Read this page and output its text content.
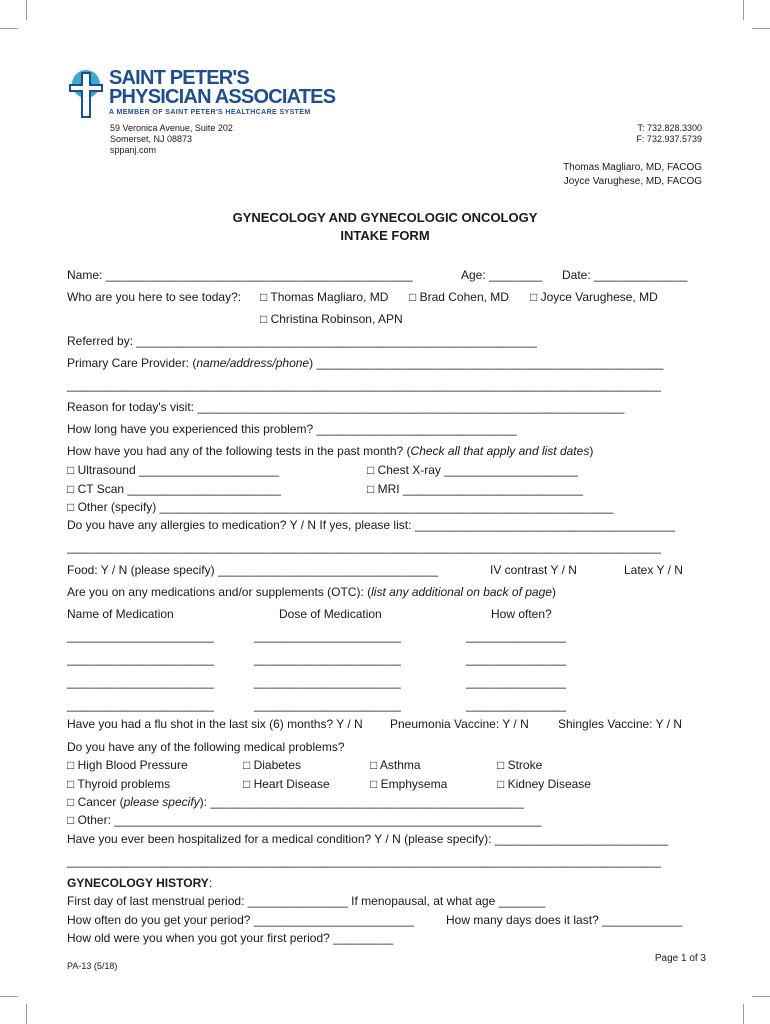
SAINT PETER'S
PHYSICIAN ASSOCIATES
A MEMBER OF SAINT PETER'S HEALTHCARE SYSTEM
59 Veronica Avenue, Suite 202
Somerset, NJ 08873
sppanj.com
T: 732.828.3300
F: 732.937.5739
Thomas Magliaro, MD, FACOG
Joyce Varughese, MD, FACOG
GYNECOLOGY AND GYNECOLOGIC ONCOLOGY
INTAKE FORM
Name: ______________________________________________	Age: ________ Date: ______________
Who are you here to see today?: □ Thomas Magliaro, MD □ Brad Cohen, MD □ Joyce Varughese, MD
□ Christina Robinson, APN
Referred by: ____________________________________________________________
Primary Care Provider: (name/address/phone) ____________________________________________________
_________________________________________________________________________________________
Reason for today's visit: ________________________________________________________________
How long have you experienced this problem? ______________________________
How have you had any of the following tests in the past month? (Check all that apply and list dates)
□ Ultrasound _____________________	□ Chest X-ray ____________________
□ CT Scan _______________________	□ MRI ___________________________
□ Other (specify) ____________________________________________________________________
Do you have any allergies to medication? Y / N If yes, please list: _______________________________________
_________________________________________________________________________________________
Food: Y / N (please specify) _________________________________	IV contrast Y / N	Latex Y / N
Are you on any medications and/or supplements (OTC): (list any additional on back of page)
Name of Medication	Dose of Medication	How often?
______________________	______________________	_______________
______________________	______________________	_______________
______________________	______________________	_______________
______________________	______________________	_______________
Have you had a flu shot in the last six (6) months? Y / N Pneumonia Vaccine: Y / N Shingles Vaccine: Y / N
Do you have any of the following medical problems?
□ High Blood Pressure	□ Diabetes	□ Asthma	□ Stroke
□ Thyroid problems	□ Heart Disease	□ Emphysema	□ Kidney Disease
□ Cancer (please specify): _______________________________________________
□ Other: ________________________________________________________________
Have you ever been hospitalized for a medical condition? Y / N (please specify): __________________________
_________________________________________________________________________________________
GYNECOLOGY HISTORY:
First day of last menstrual period: _______________ If menopausal, at what age _______
How often do you get your period? ________________________	How many days does it last? ____________
How old were you when you got your first period? _________
PA-13 (5/18)
Page 1 of 3
